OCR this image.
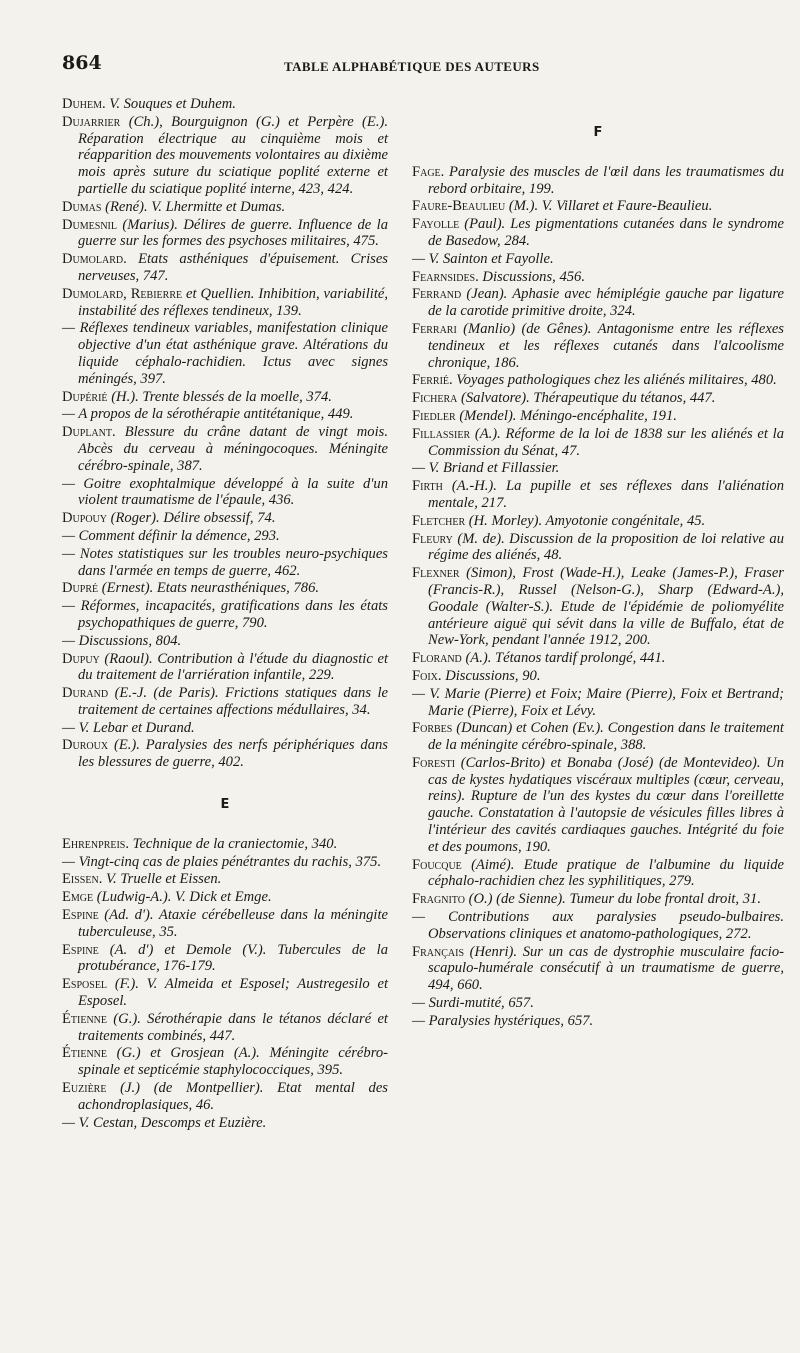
864	TABLE ALPHABÉTIQUE DES AUTEURS

Duhem. V. Souques et Duhem.

Dujarrier (Ch.), Bourguignon (G.) et Perpère (E.). Réparation électrique au cinquième mois et réapparition des mouvements volontaires au dixième mois après suture du sciatique poplité externe et partielle du sciatique poplité interne, 423, 424.

Dumas (René). V. Lhermitte et Dumas.

Dumesnil (Marius). Délires de guerre. Influence de la guerre sur les formes des psychoses militaires, 475.

Dumolard. Etats asthéniques d'épuisement. Crises nerveuses, 747.

Dumolard, Rebierre et Quellien. Inhibition, variabilité, instabilité des réflexes tendineux, 139.

— Réflexes tendineux variables, manifestation clinique objective d'un état asthénique grave. Altérations du liquide céphalo-rachidien. Ictus avec signes méningés, 397.

Dupérié (H.). Trente blessés de la moelle, 374.

— A propos de la sérothérapie antitétanique, 449.

Duplant. Blessure du crâne datant de vingt mois. Abcès du cerveau à méningocoques. Méningite cérébro-spinale, 387.

— Goitre exophtalmique développé à la suite d'un violent traumatisme de l'épaule, 436.

Dupouy (Roger). Délire obsessif, 74.

— Comment définir la démence, 293.

— Notes statistiques sur les troubles neuro-psychiques dans l'armée en temps de guerre, 462.

Dupré (Ernest). Etats neurasthéniques, 786.

— Réformes, incapacités, gratifications dans les états psychopathiques de guerre, 790.

— Discussions, 804.

Dupuy (Raoul). Contribution à l'étude du diagnostic et du traitement de l'arriération infantile, 229.

Durand (E.-J. (de Paris). Frictions statiques dans le traitement de certaines affections médullaires, 34.

— V. Lebar et Durand.

Duroux (E.). Paralysies des nerfs périphériques dans les blessures de guerre, 402.

E

Ehrenpreis. Technique de la craniectomie, 340.

— Vingt-cinq cas de plaies pénétrantes du rachis, 375.

Eissen. V. Truelle et Eissen.

Emge (Ludwig-A.). V. Dick et Emge.

Espine (Ad. d'). Ataxie cérébelleuse dans la méningite tuberculeuse, 35.

Espine (A. d') et Demole (V.). Tubercules de la protubérance, 176-179.

Esposel (F.). V. Almeida et Esposel; Austregesilo et Esposel.

Étienne (G.). Sérothérapie dans le tétanos déclaré et traitements combinés, 447.

Étienne (G.) et Grosjean (A.). Méningite cérébro-spinale et septicémie staphylococciques, 395.

Euzière (J.) (de Montpellier). Etat mental des achondroplasiques, 46.

— V. Cestan, Descomps et Euzière.

F

Fage. Paralysie des muscles de l'œil dans les traumatismes du rebord orbitaire, 199.

Faure-Beaulieu (M.). V. Villaret et Faure-Beaulieu.

Fayolle (Paul). Les pigmentations cutanées dans le syndrome de Basedow, 284.

— V. Sainton et Fayolle.

Fearnsides. Discussions, 456.

Ferrand (Jean). Aphasie avec hémiplégie gauche par ligature de la carotide primitive droite, 324.

Ferrari (Manlio) (de Gênes). Antagonisme entre les réflexes tendineux et les réflexes cutanés dans l'alcoolisme chronique, 186.

Ferrié. Voyages pathologiques chez les aliénés militaires, 480.

Fichera (Salvatore). Thérapeutique du tétanos, 447.

Fiedler (Mendel). Méningo-encéphalite, 191.

Fillassier (A.). Réforme de la loi de 1838 sur les aliénés et la Commission du Sénat, 47.

— V. Briand et Fillassier.

Firth (A.-H.). La pupille et ses réflexes dans l'aliénation mentale, 217.

Fletcher (H. Morley). Amyotonie congénitale, 45.

Fleury (M. de). Discussion de la proposition de loi relative au régime des aliénés, 48.

Flexner (Simon), Frost (Wade-H.), Leake (James-P.), Fraser (Francis-R.), Russel (Nelson-G.), Sharp (Edward-A.), Goodale (Walter-S.). Etude de l'épidémie de poliomyélite antérieure aiguë qui sévit dans la ville de Buffalo, état de New-York, pendant l'année 1912, 200.

Florand (A.). Tétanos tardif prolongé, 441.

Foix. Discussions, 90.

— V. Marie (Pierre) et Foix; Maire (Pierre), Foix et Bertrand; Marie (Pierre), Foix et Lévy.

Forbes (Duncan) et Cohen (Ev.). Congestion dans le traitement de la méningite cérébro-spinale, 388.

Foresti (Carlos-Brito) et Bonaba (José) (de Montevideo). Un cas de kystes hydatiques viscéraux multiples (cœur, cerveau, reins). Rupture de l'un des kystes du cœur dans l'oreillette gauche. Constatation à l'autopsie de vésicules filles libres à l'intérieur des cavités cardiaques gauches. Intégrité du foie et des poumons, 190.

Foucque (Aimé). Etude pratique de l'albumine du liquide céphalo-rachidien chez les syphilitiques, 279.

Fragnito (O.) (de Sienne). Tumeur du lobe frontal droit, 31.

— Contributions aux paralysies pseudo-bulbaires. Observations cliniques et anatomo-pathologiques, 272.

Français (Henri). Sur un cas de dystrophie musculaire facio-scapulo-humérale consécutif à un traumatisme de guerre, 494, 660.

— Surdi-mutité, 657.

— Paralysies hystériques, 657.
